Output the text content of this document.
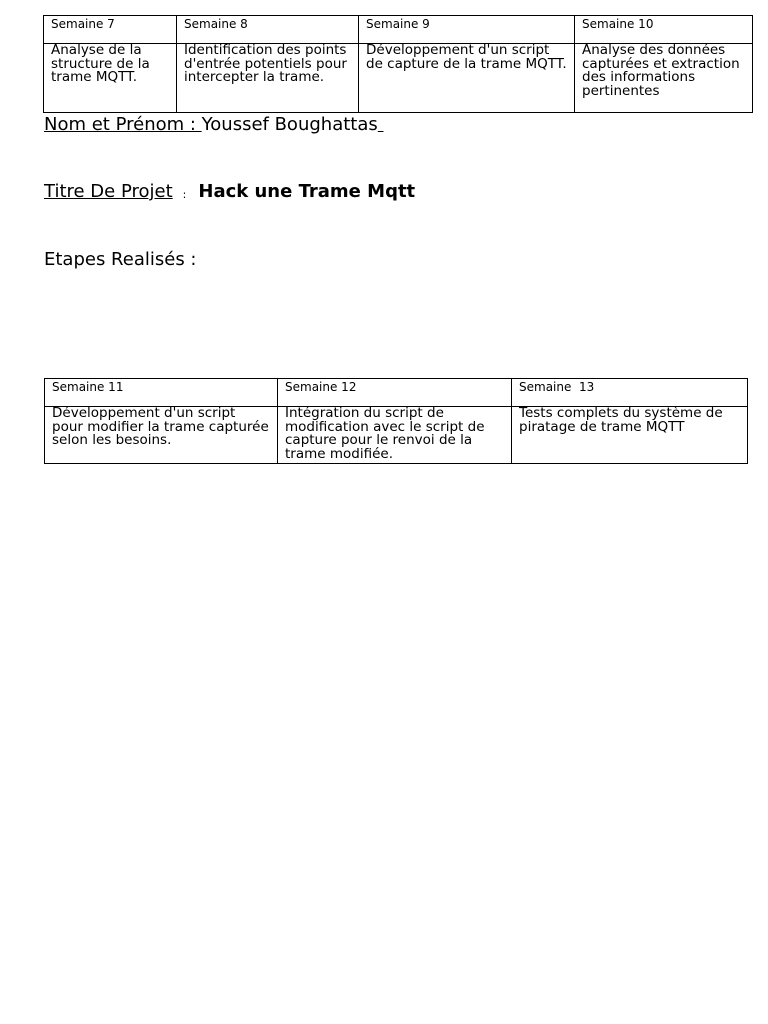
Semaine 7	Semaine 8	Semaine 9	Semaine 10
Analyse de la structure de la trame MQTT.	Identification des points d'entrée potentiels pour intercepter la trame.	Développement d'un script de capture de la trame MQTT.	Analyse des données capturées et extraction des informations pertinentes
Nom et Prénom : Youssef Boughattas
Titre De Projet : Hack une Trame Mqtt
Etapes Realisés :
Semaine 11	Semaine 12	Semaine  13
Développement d'un script pour modifier la trame capturée selon les besoins.	Intégration du script de modification avec le script de capture pour le renvoi de la trame modifiée.	Tests complets du système de piratage de trame MQTT
